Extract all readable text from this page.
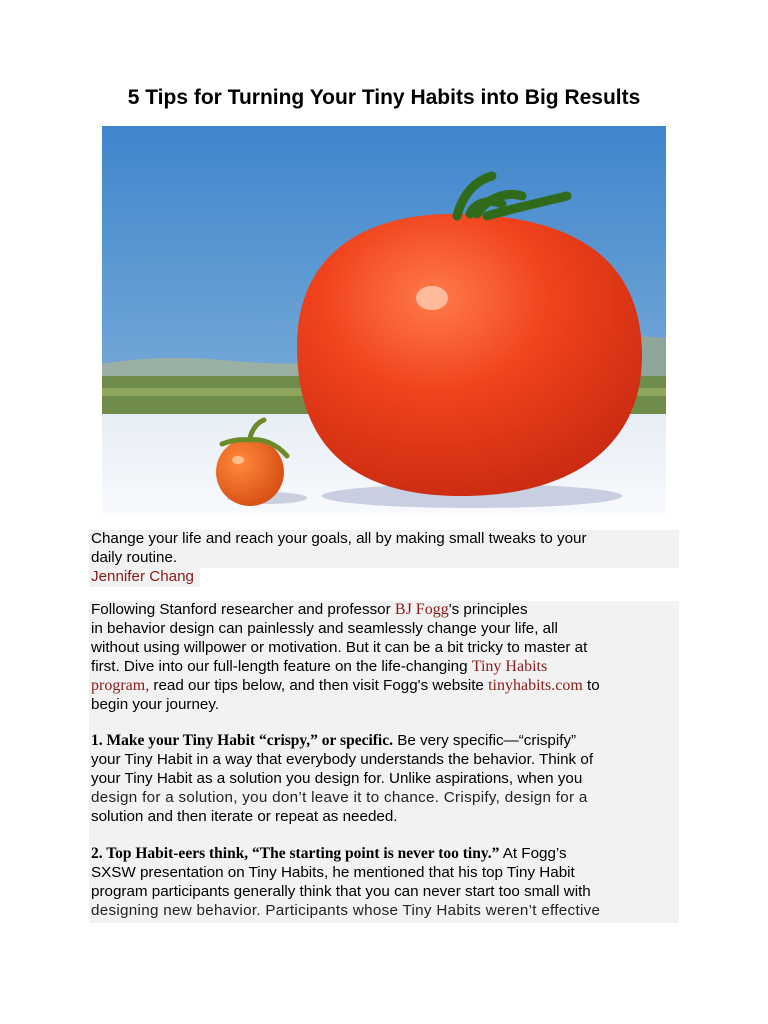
5 Tips for Turning Your Tiny Habits into Big Results

Change your life and reach your goals, all by making small tweaks to your
daily routine.

Jennifer Chang

Following Stanford researcher and professor BJ Fogg's principles
in behavior design can painlessly and seamlessly change your life, all
without using willpower or motivation. But it can be a bit tricky to master at
first. Dive into our full-length feature on the life-changing Tiny Habits
program, read our tips below, and then visit Fogg's website tinyhabits.com to
begin your journey.

1. Make your Tiny Habit “crispy,” or specific. Be very specific—“crispify”
your Tiny Habit in a way that everybody understands the behavior. Think of
your Tiny Habit as a solution you design for. Unlike aspirations, when you
design for a solution, you don’t leave it to chance. Crispify, design for a
solution and then iterate or repeat as needed.

2. Top Habit-eers think, “The starting point is never too tiny.” At Fogg’s
SXSW presentation on Tiny Habits, he mentioned that his top Tiny Habit
program participants generally think that you can never start too small with
designing new behavior. Participants whose Tiny Habits weren’t effective
